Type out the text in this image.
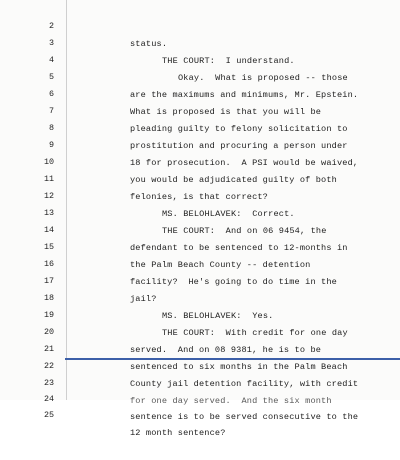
2

status.

3

THE COURT:  I understand.

4

Okay.  What is proposed -- those

5

are the maximums and minimums, Mr. Epstein.

6

What is proposed is that you will be

7

pleading guilty to felony solicitation to

8

prostitution and procuring a person under

9

18 for prosecution.  A PSI would be waived,

10

you would be adjudicated guilty of both

11

felonies, is that correct?

12

MS. BELOHLAVEK:  Correct.

13

THE COURT:  And on 06 9454, the

14

defendant to be sentenced to 12-months in

15

the Palm Beach County -- detention

16

facility?  He's going to do time in the

17

jail?

18

MS. BELOHLAVEK:  Yes.

19

THE COURT:  With credit for one day

20

served.  And on 08 9381, he is to be

21

sentenced to six months in the Palm Beach

22

County jail detention facility, with credit

23

for one day served.  And the six month

24

sentence is to be served consecutive to the

25

12 month sentence?
